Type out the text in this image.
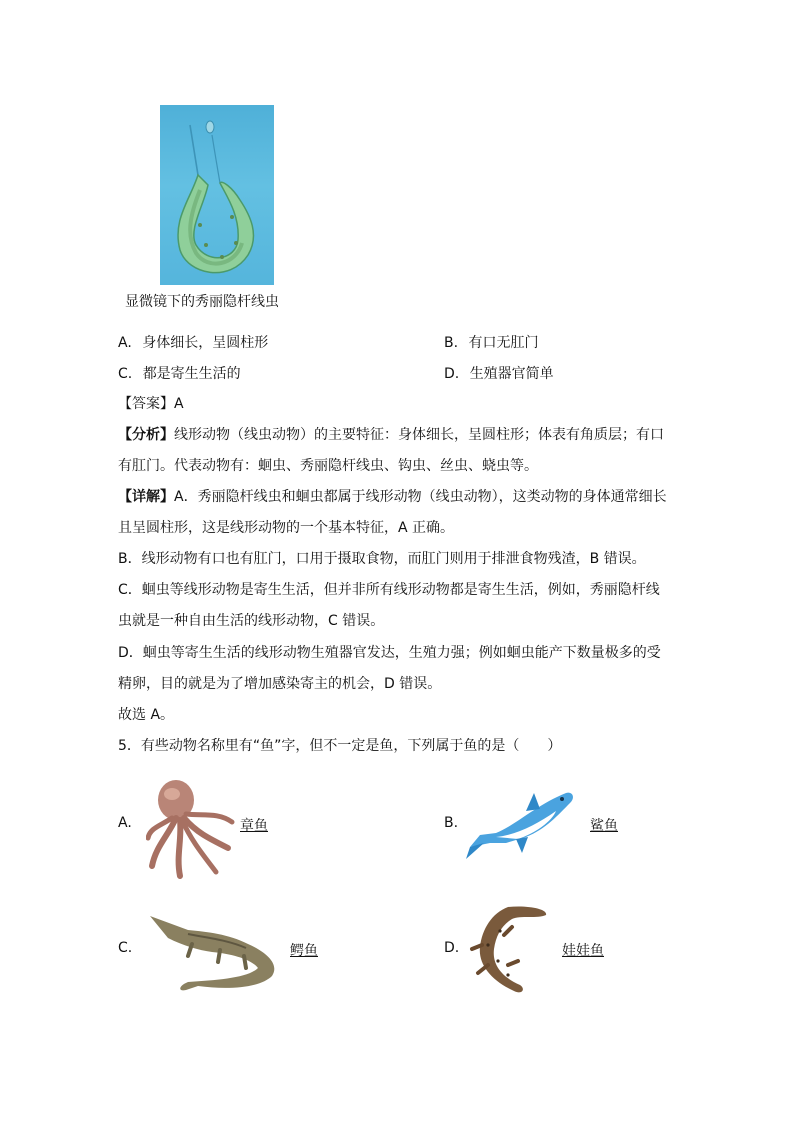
显微镜下的秀丽隐杆线虫
A. 身体细长，呈圆柱形	B. 有口无肛门
C. 都是寄生生活的	D. 生殖器官简单
【答案】A
【分析】线形动物（线虫动物）的主要特征：身体细长，呈圆柱形；体表有角质层；有口
有肛门。代表动物有：蛔虫、秀丽隐杆线虫、钩虫、丝虫、蛲虫等。
【详解】A．秀丽隐杆线虫和蛔虫都属于线形动物（线虫动物），这类动物的身体通常细长
且呈圆柱形，这是线形动物的一个基本特征，A 正确。
B．线形动物有口也有肛门，口用于摄取食物，而肛门则用于排泄食物残渣，B 错误。
C．蛔虫等线形动物是寄生生活，但并非所有线形动物都是寄生生活，例如，秀丽隐杆线
虫就是一种自由生活的线形动物，C 错误。
D．蛔虫等寄生生活的线形动物生殖器官发达，生殖力强；例如蛔虫能产下数量极多的受
精卵，目的就是为了增加感染寄主的机会，D 错误。
故选 A。
5．有些动物名称里有“鱼”字，但不一定是鱼，下列属于鱼的是（　　）
A.	章鱼	B.	鲨鱼
C.	鳄鱼	D.	娃娃鱼
